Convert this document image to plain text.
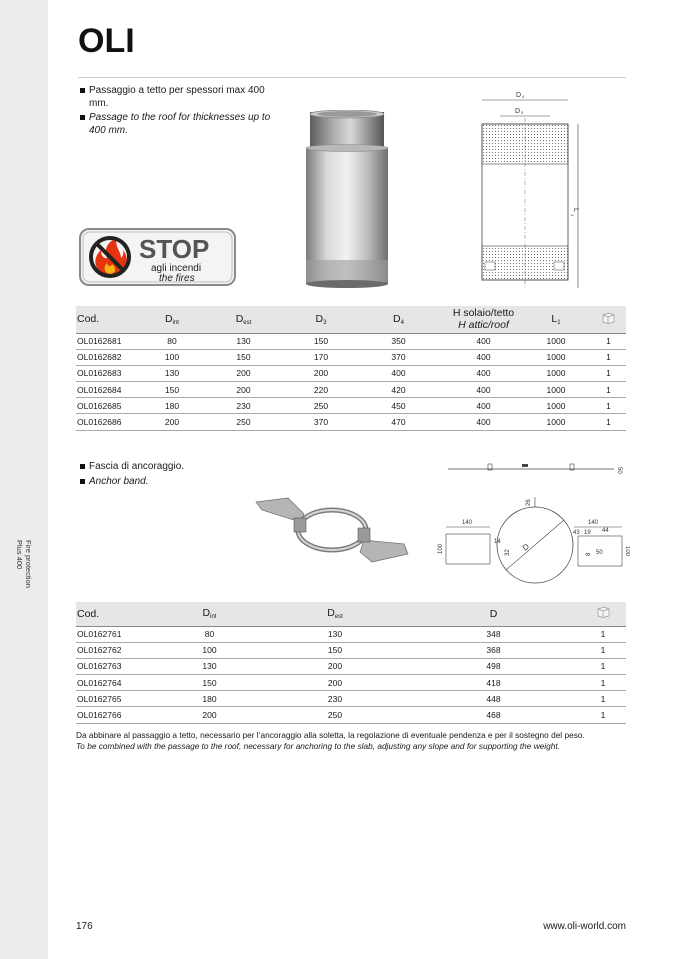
Fire protection
Plus 400
OLI
Passaggio a tetto per spessori max 400 mm.
Passage to the roof for thicknesses up to 400 mm.
STOP
agli incendi
the fires
D 4
D 3
L
1
Cod.	$D_{int}$	$D_{est}$	$D_3$	$D_4$	H solaio/tetto
H attic/roof	$L_1$	
OL0162681	80	130	150	350	400	1000	1
OL0162682	100	150	170	370	400	1000	1
OL0162683	130	200	200	400	400	1000	1
OL0162684	150	200	220	420	400	1000	1
OL0162685	180	230	250	450	400	1000	1
OL0162686	200	250	370	470	400	1000	1
Fascia di ancoraggio.
Anchor band.
50
D
26
140
100
14
32
140
43 19 44
8 50	100
Cod.	$D_{int}$	$D_{est}$	D	
OL0162761	80	130	348	1
OL0162762	100	150	368	1
OL0162763	130	200	498	1
OL0162764	150	200	418	1
OL0162765	180	230	448	1
OL0162766	200	250	468	1
Da abbinare al passaggio a tetto, necessario per l’ancoraggio alla soletta, la regolazione di eventuale pendenza e per il sostegno del peso.
To be combined with the passage to the roof, necessary for anchoring to the slab, adjusting any slope and for supporting the weight.
176	www.oli-world.com
